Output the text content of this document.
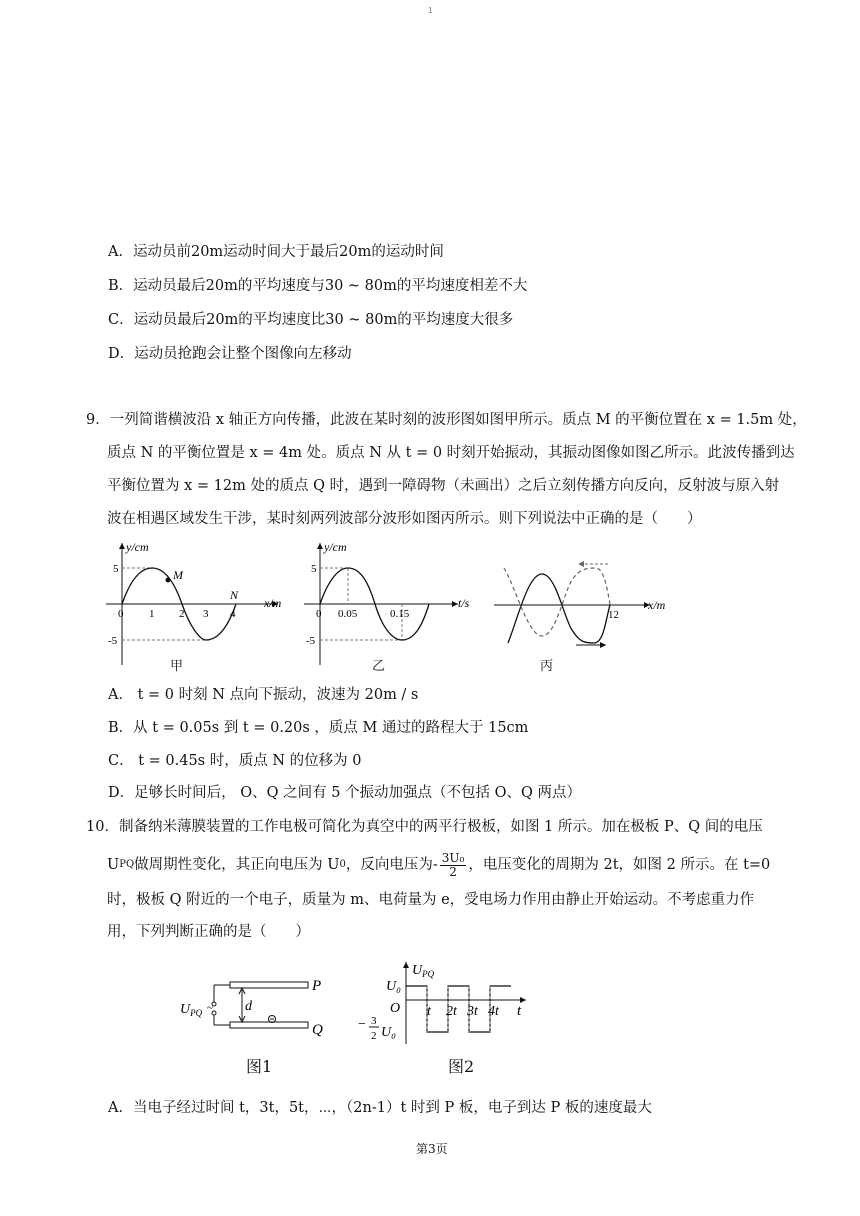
1
A．运动员前20m运动时间大于最后20m的运动时间
B．运动员最后20m的平均速度与30 ~ 80m的平均速度相差不大
C．运动员最后20m的平均速度比30 ~ 80m的平均速度大很多
D．运动员抢跑会让整个图像向左移动
9．一列简谐横波沿 x 轴正方向传播，此波在某时刻的波形图如图甲所示。质点 M 的平衡位置在 x = 1.5m 处，
质点 N 的平衡位置是 x = 4m 处。质点 N 从 t = 0 时刻开始振动，其振动图像如图乙所示。此波传播到达
平衡位置为 x = 12m 处的质点 Q 时，遇到一障碍物（未画出）之后立刻传播方向反向，反射波与原入射
波在相遇区域发生干涉，某时刻两列波部分波形如图丙所示。则下列说法中正确的是（　　）
y/cm
x/m
5
-5
0 1 2 3 4
M
N
甲
y/cm
t/s
5
-5
0 0.05	0.15
乙
x/m
12
丙
A． t = 0 时刻 N 点向下振动，波速为 20m / s
B．从 t = 0.05s 到 t = 0.20s ，质点 M 通过的路程大于 15cm
C． t = 0.45s 时，质点 N 的位移为 0
D．足够长时间后， O、Q 之间有 5 个振动加强点（不包括 O、Q 两点）
10．制备纳米薄膜装置的工作电极可简化为真空中的两平行极板，如图 1 所示。加在极板 P、Q 间的电压
U PQ 做周期性变化，其正向电压为 U 0 ，反向电压为- $\frac{\text{3U₀}}{2}$ ，电压变化的周期为 2t，如图 2 所示。在 t=0
时，极板 Q 附近的一个电子，质量为 m、电荷量为 e，受电场力作用由静止开始运动。不考虑重力作
用，下列判断正确的是（　　）
~ d
P
Q
$U_{PQ}$
图1
$U_{PQ}$
U₀
O
− 3
2 U₀
t 2t 3t 4t t
图2
A．当电子经过时间 t，3t，5t，⋯，（2n-1）t 时到 P 板，电子到达 P 板的速度最大
第3页
